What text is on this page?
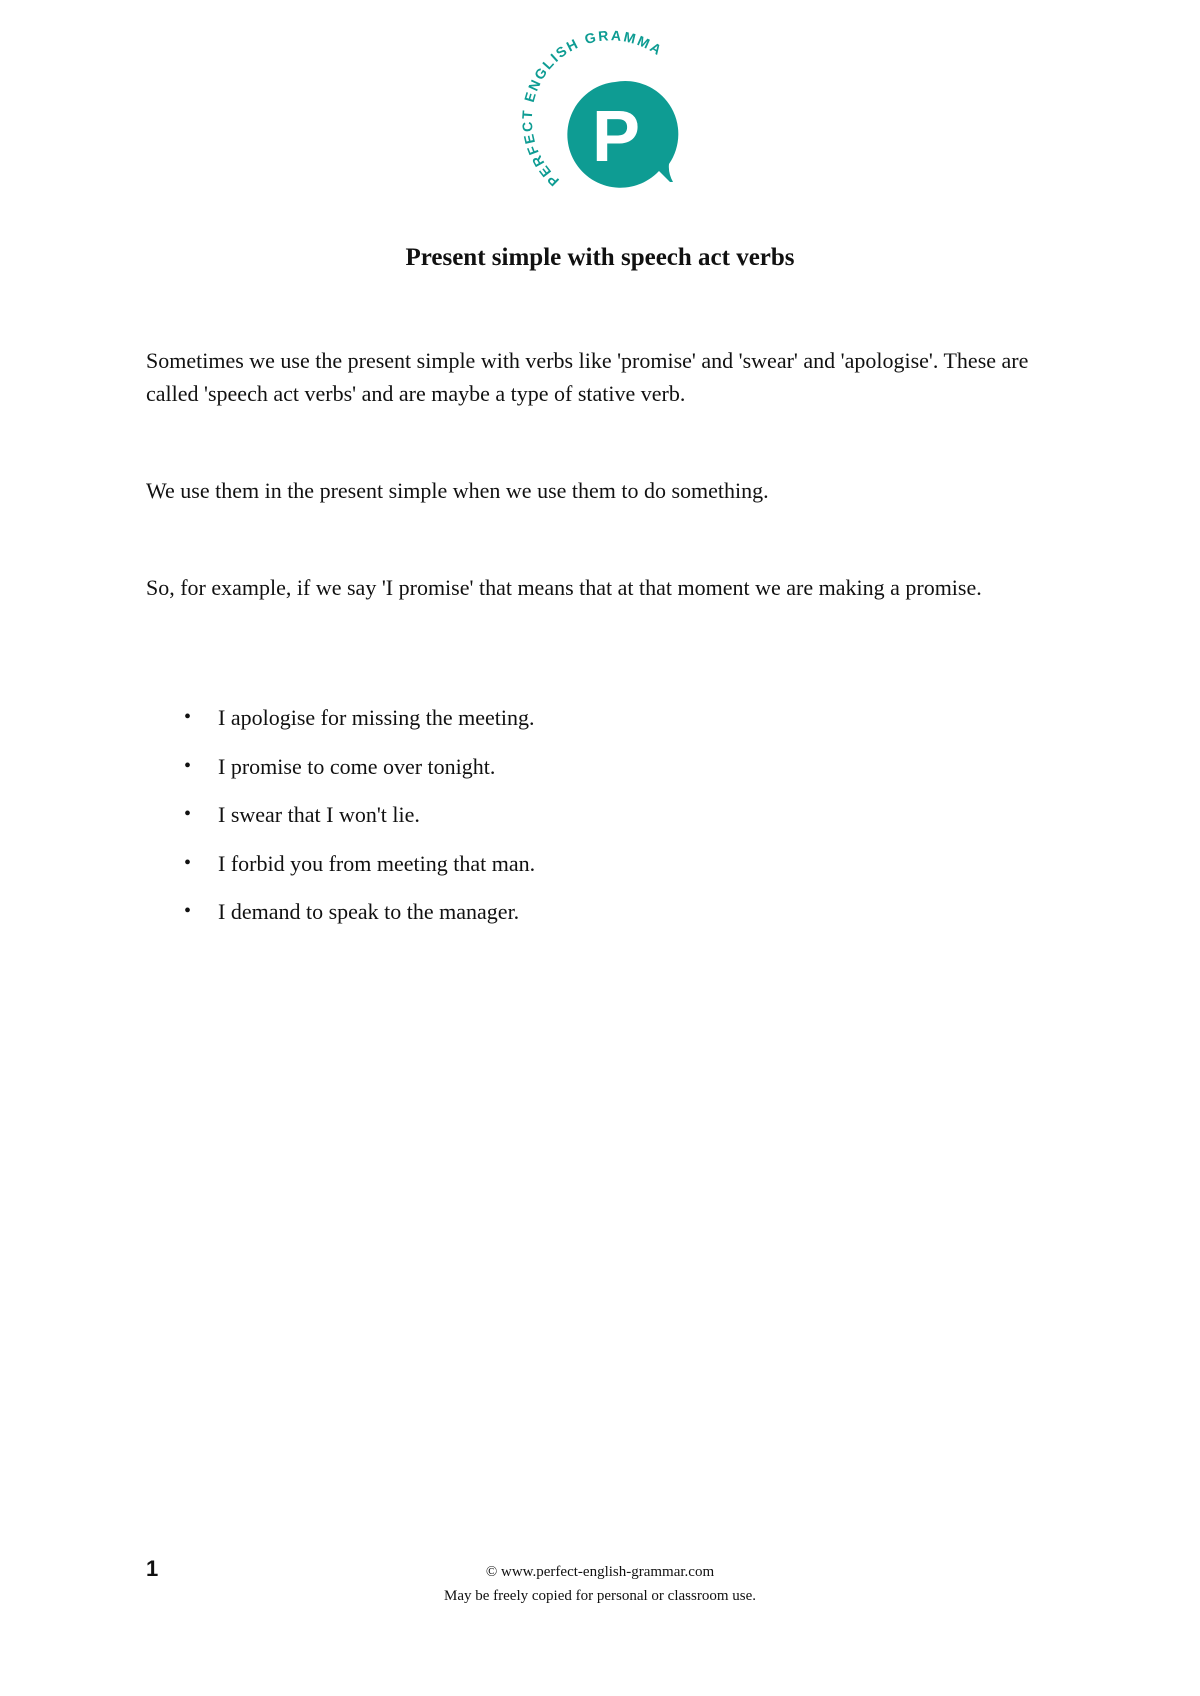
P
PERFECT ENGLISH GRAMMA
Present simple with speech act verbs

Sometimes we use the present simple with verbs like 'promise' and 'swear' and 'apologise'. These are called 'speech act verbs' and are maybe a type of stative verb.

We use them in the present simple when we use them to do something.

So, for example, if we say 'I promise' that means that at that moment we are making a promise.

• I apologise for missing the meeting.
• I promise to come over tonight.
• I swear that I won't lie.
• I forbid you from meeting that man.
• I demand to speak to the manager.
1	© www.perfect-english-grammar.com
May be freely copied for personal or classroom use.
